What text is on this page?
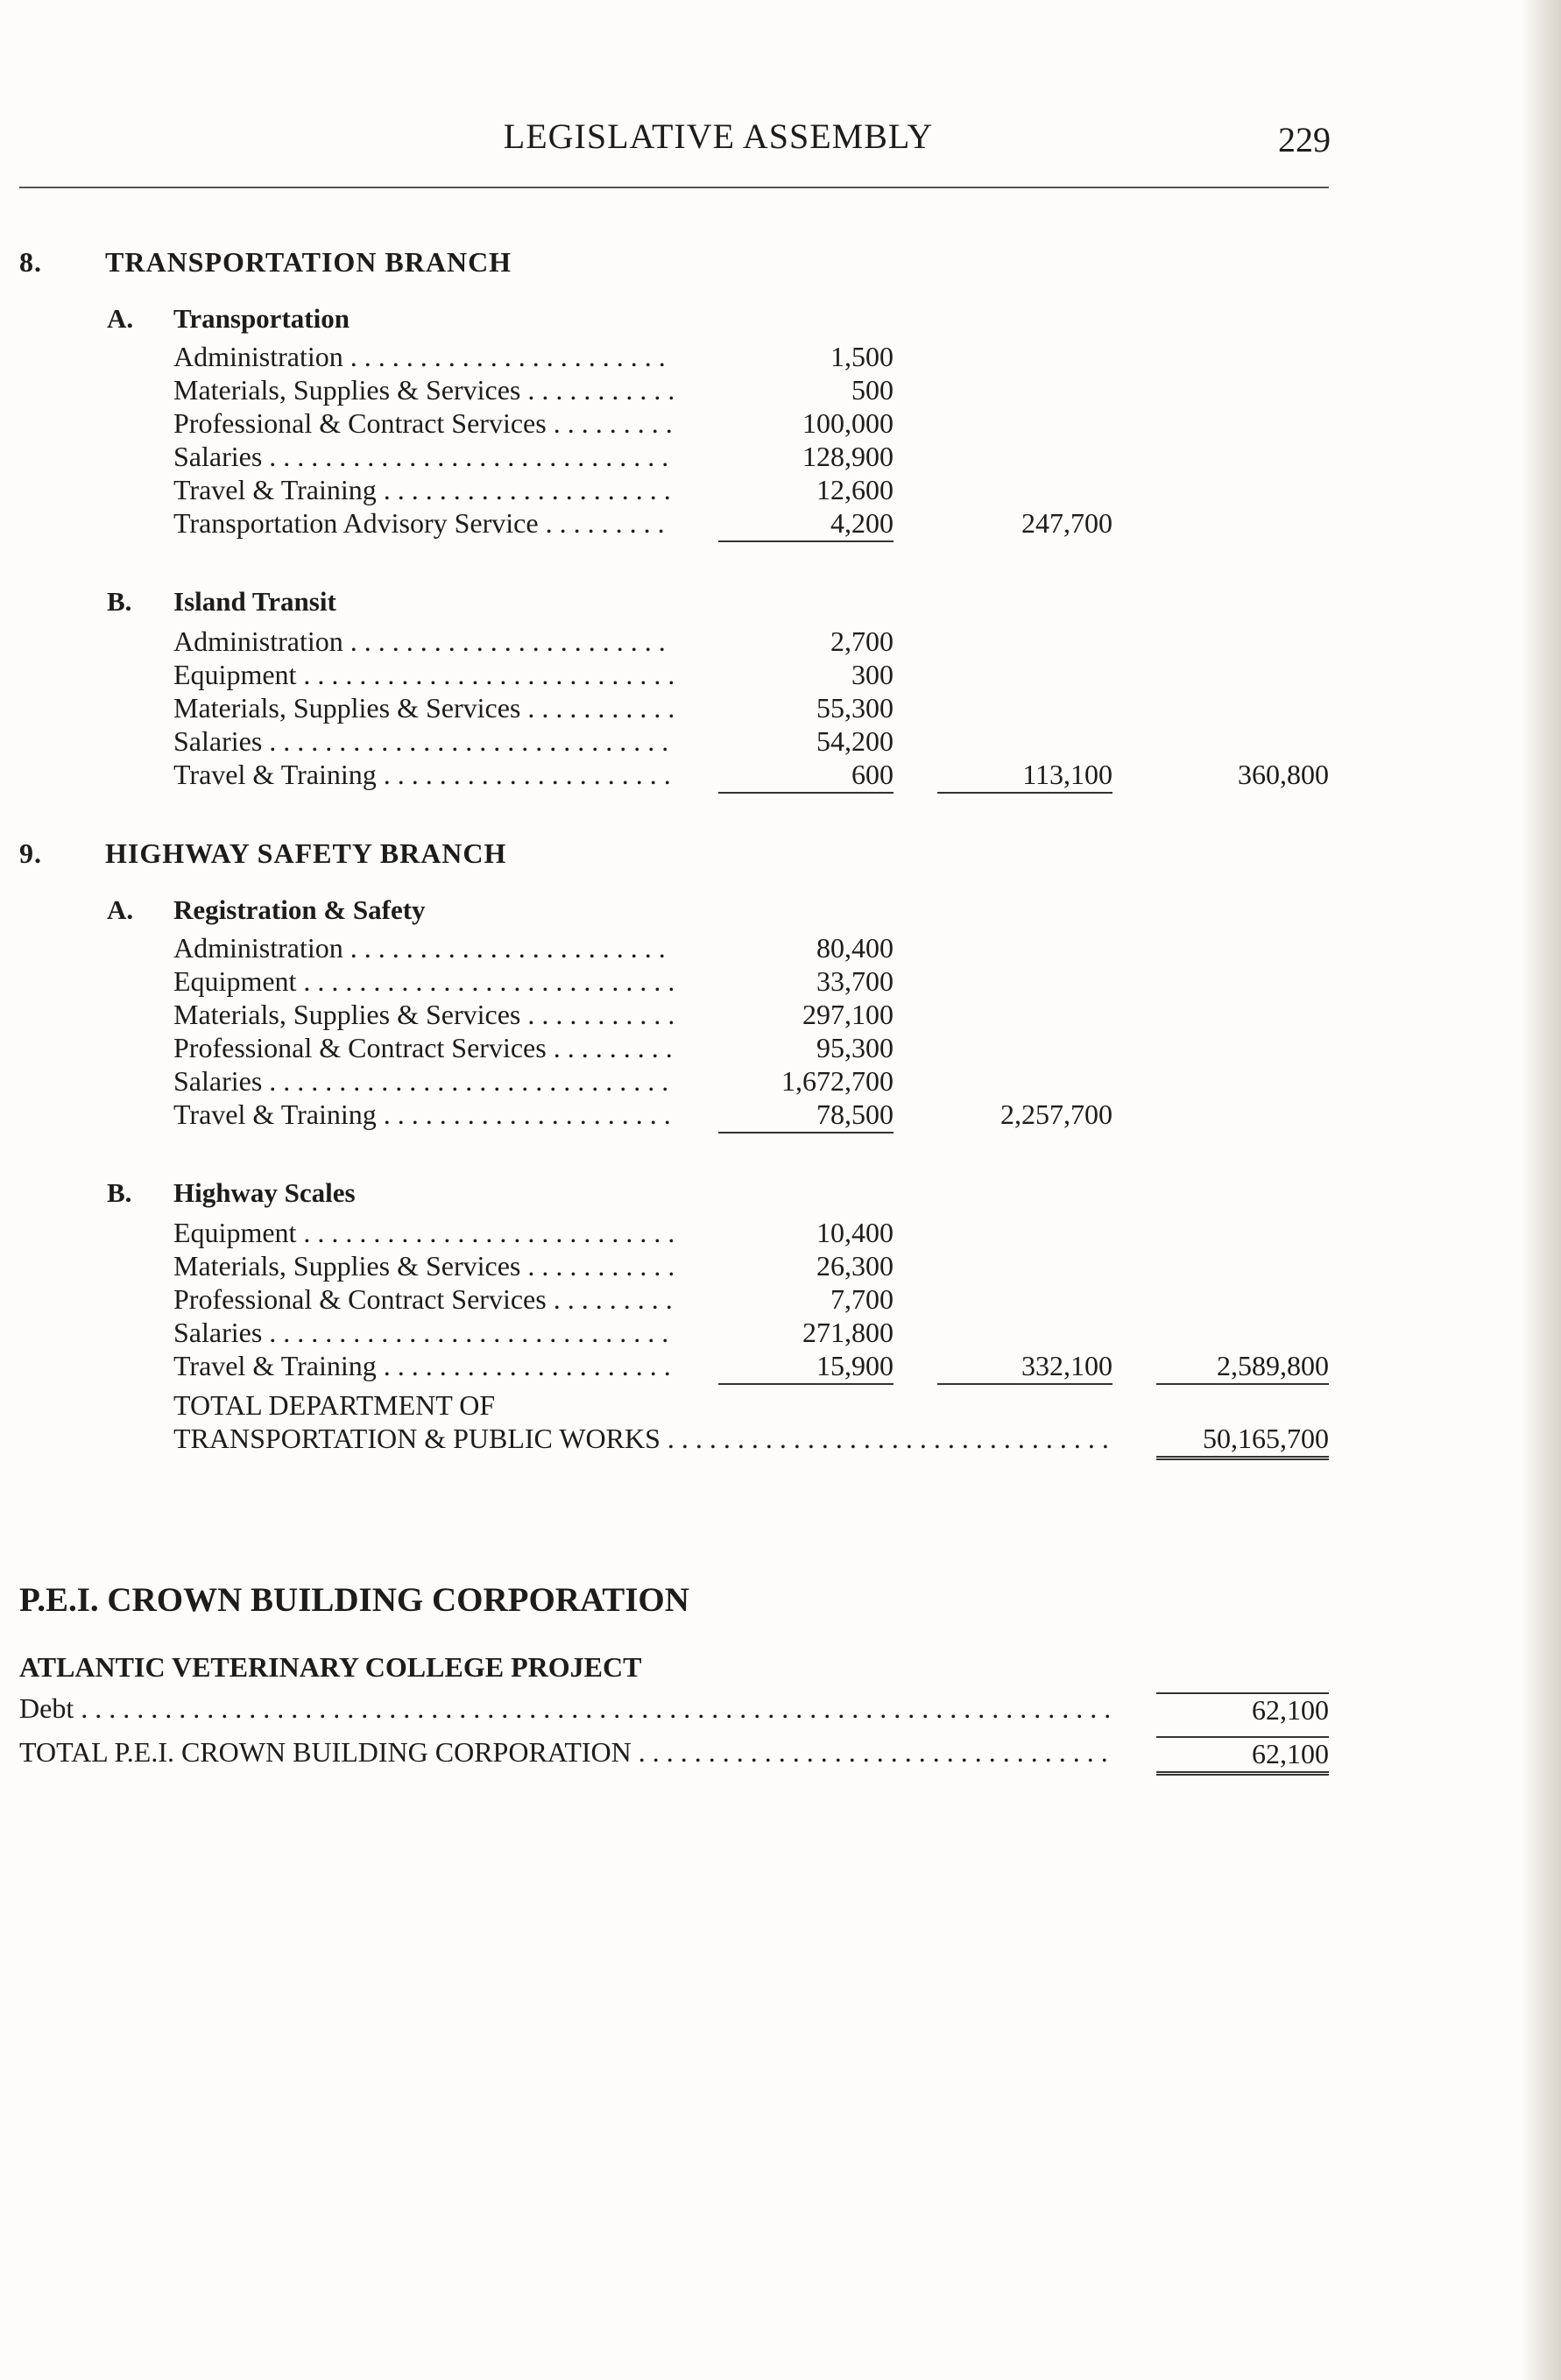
LEGISLATIVE ASSEMBLY	229
8. TRANSPORTATION BRANCH
A. Transportation
Administration . . .	1,500
Materials, Supplies & Services . . .	500
Professional & Contract Services . . .	100,000
Salaries . . .	128,900
Travel & Training . . .	12,600
Transportation Advisory Service . . .	4,200	247,700
B. Island Transit
Administration . . .	2,700
Equipment . . .	300
Materials, Supplies & Services . . .	55,300
Salaries . . .	54,200
Travel & Training . . .	600	113,100	360,800
9. HIGHWAY SAFETY BRANCH
A. Registration & Safety
Administration . . .	80,400
Equipment . . .	33,700
Materials, Supplies & Services . . .	297,100
Professional & Contract Services . . .	95,300
Salaries . . .	1,672,700
Travel & Training . . .	78,500	2,257,700
B. Highway Scales
Equipment . . .	10,400
Materials, Supplies & Services . . .	26,300
Professional & Contract Services . . .	7,700
Salaries . . .	271,800
Travel & Training . . .	15,900	332,100	2,589,800
TOTAL DEPARTMENT OF
TRANSPORTATION & PUBLIC WORKS . . .	50,165,700
P.E.I. CROWN BUILDING CORPORATION
ATLANTIC VETERINARY COLLEGE PROJECT
Debt . . .	62,100
TOTAL P.E.I. CROWN BUILDING CORPORATION . . .	62,100
